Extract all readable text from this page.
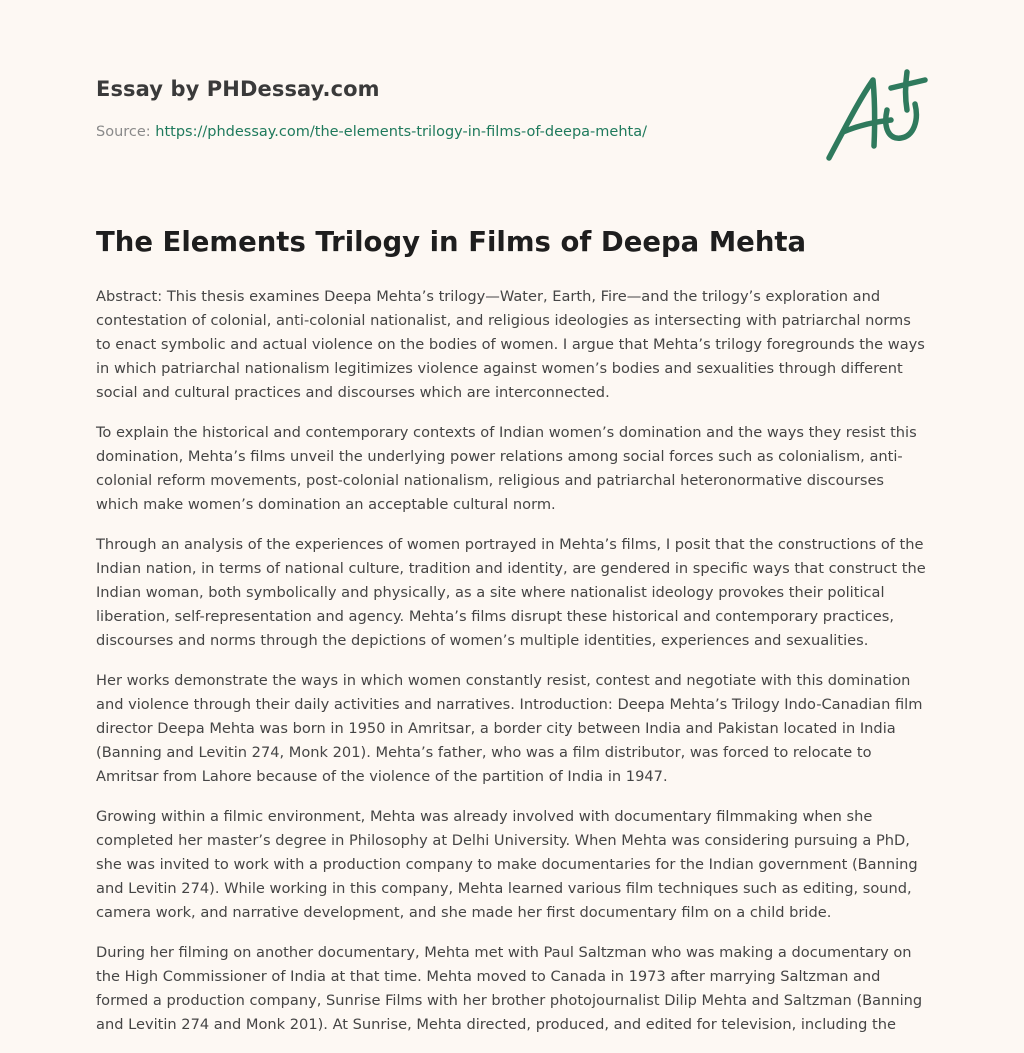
Essay by PHDessay.com
Source: https://phdessay.com/the-elements-trilogy-in-films-of-deepa-mehta/
The Elements Trilogy in Films of Deepa Mehta

Abstract: This thesis examines Deepa Mehta’s trilogy—Water, Earth, Fire—and the trilogy’s exploration and contestation of colonial, anti-colonial nationalist, and religious ideologies as intersecting with patriarchal norms to enact symbolic and actual violence on the bodies of women. I argue that Mehta’s trilogy foregrounds the ways in which patriarchal nationalism legitimizes violence against women’s bodies and sexualities through different social and cultural practices and discourses which are interconnected.

To explain the historical and contemporary contexts of Indian women’s domination and the ways they resist this domination, Mehta’s films unveil the underlying power relations among social forces such as colonialism, anti-colonial reform movements, post-colonial nationalism, religious and patriarchal heteronormative discourses which make women’s domination an acceptable cultural norm.

Through an analysis of the experiences of women portrayed in Mehta’s films, I posit that the constructions of the Indian nation, in terms of national culture, tradition and identity, are gendered in specific ways that construct the Indian woman, both symbolically and physically, as a site where nationalist ideology provokes their political liberation, self-representation and agency. Mehta’s films disrupt these historical and contemporary practices, discourses and norms through the depictions of women’s multiple identities, experiences and sexualities.

Her works demonstrate the ways in which women constantly resist, contest and negotiate with this domination and violence through their daily activities and narratives. Introduction: Deepa Mehta’s Trilogy Indo-Canadian film director Deepa Mehta was born in 1950 in Amritsar, a border city between India and Pakistan located in India (Banning and Levitin 274, Monk 201). Mehta’s father, who was a film distributor, was forced to relocate to Amritsar from Lahore because of the violence of the partition of India in 1947.

Growing within a filmic environment, Mehta was already involved with documentary filmmaking when she completed her master’s degree in Philosophy at Delhi University. When Mehta was considering pursuing a PhD, she was invited to work with a production company to make documentaries for the Indian government (Banning and Levitin 274). While working in this company, Mehta learned various film techniques such as editing, sound, camera work, and narrative development, and she made her first documentary film on a child bride.

During her filming on another documentary, Mehta met with Paul Saltzman who was making a documentary on the High Commissioner of India at that time. Mehta moved to Canada in 1973 after marrying Saltzman and formed a production company, Sunrise Films with her brother photojournalist Dilip Mehta and Saltzman (Banning and Levitin 274 and Monk 201). At Sunrise, Mehta directed, produced, and edited for television, including the
